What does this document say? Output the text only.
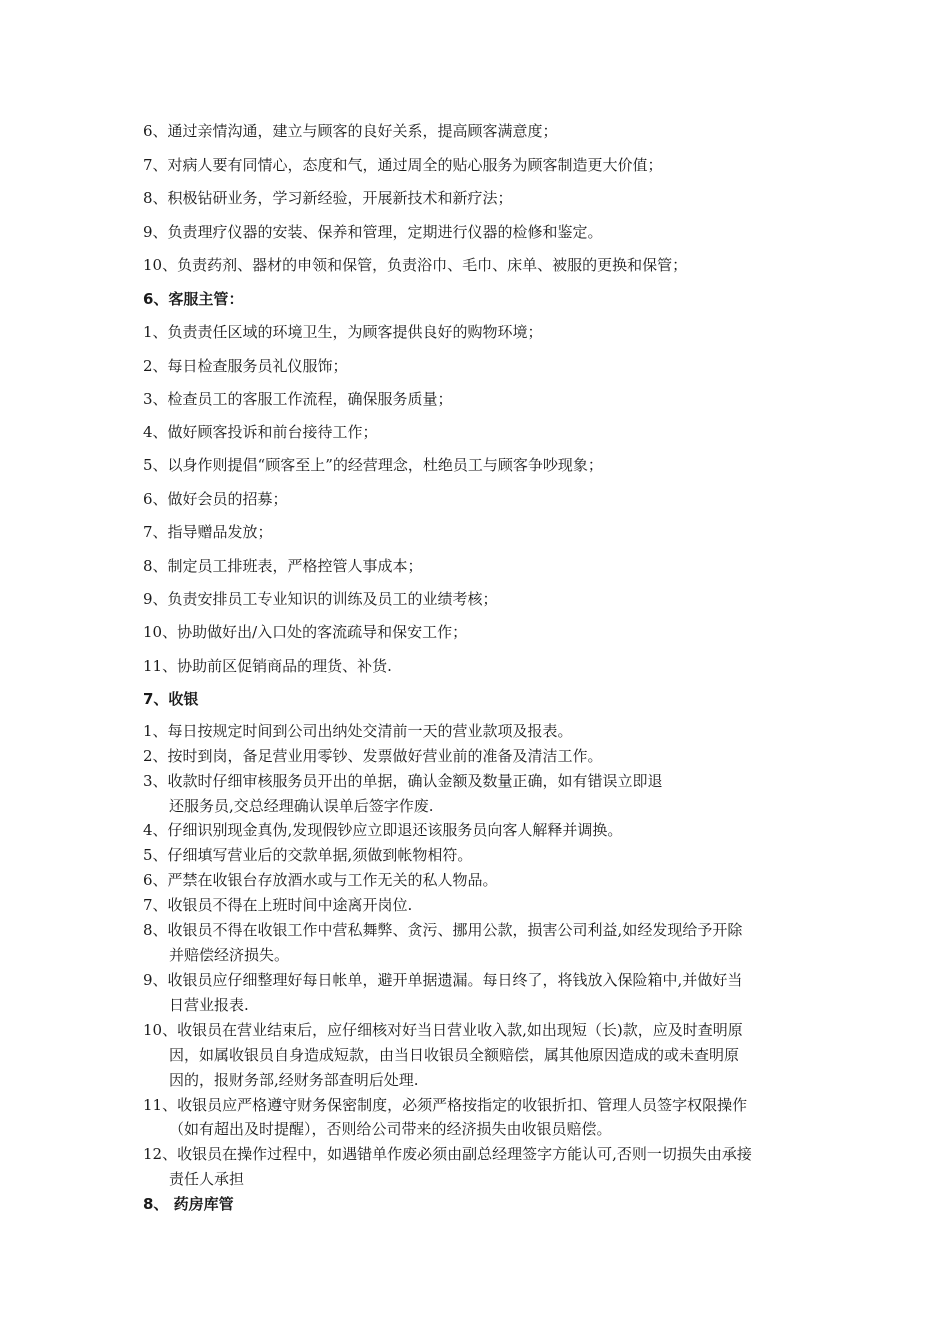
6、通过亲情沟通，建立与顾客的良好关系，提高顾客满意度；
7、对病人要有同情心，态度和气，通过周全的贴心服务为顾客制造更大价值；
8、积极钻研业务，学习新经验，开展新技术和新疗法；
9、负责理疗仪器的安装、保养和管理，定期进行仪器的检修和鉴定。
10、负责药剂、器材的申领和保管，负责浴巾、毛巾、床单、被服的更换和保管；
6、客服主管：
1、负责责任区域的环境卫生，为顾客提供良好的购物环境；
2、每日检查服务员礼仪服饰；
3、检查员工的客服工作流程，确保服务质量；
4、做好顾客投诉和前台接待工作；
5、以身作则提倡“顾客至上”的经营理念，杜绝员工与顾客争吵现象；
6、做好会员的招募；
7、指导赠品发放；
8、制定员工排班表，严格控管人事成本；
9、负责安排员工专业知识的训练及员工的业绩考核；
10、协助做好出/入口处的客流疏导和保安工作；
11、协助前区促销商品的理货、补货.
7、收银
1、每日按规定时间到公司出纳处交清前一天的营业款项及报表。
2、按时到岗，备足营业用零钞、发票做好营业前的准备及清洁工作。
3、收款时仔细审核服务员开出的单据，确认金额及数量正确，如有错误立即退
还服务员,交总经理确认误单后签字作废.
4、仔细识别现金真伪,发现假钞应立即退还该服务员向客人解释并调换。
5、仔细填写营业后的交款单据,须做到帐物相符。
6、严禁在收银台存放酒水或与工作无关的私人物品。
7、收银员不得在上班时间中途离开岗位.
8、收银员不得在收银工作中营私舞弊、贪污、挪用公款，损害公司利益,如经发现给予开除
并赔偿经济损失。
9、收银员应仔细整理好每日帐单，避开单据遗漏。每日终了，将钱放入保险箱中,并做好当
日营业报表.
10、收银员在营业结束后，应仔细核对好当日营业收入款,如出现短（长)款，应及时查明原
因，如属收银员自身造成短款，由当日收银员全额赔偿，属其他原因造成的或未查明原
因的，报财务部,经财务部查明后处理.
11、收银员应严格遵守财务保密制度，必须严格按指定的收银折扣、管理人员签字权限操作
（如有超出及时提醒），否则给公司带来的经济损失由收银员赔偿。
12、收银员在操作过程中，如遇错单作废必须由副总经理签字方能认可,否则一切损失由承接
责任人承担
8、 药房库管
